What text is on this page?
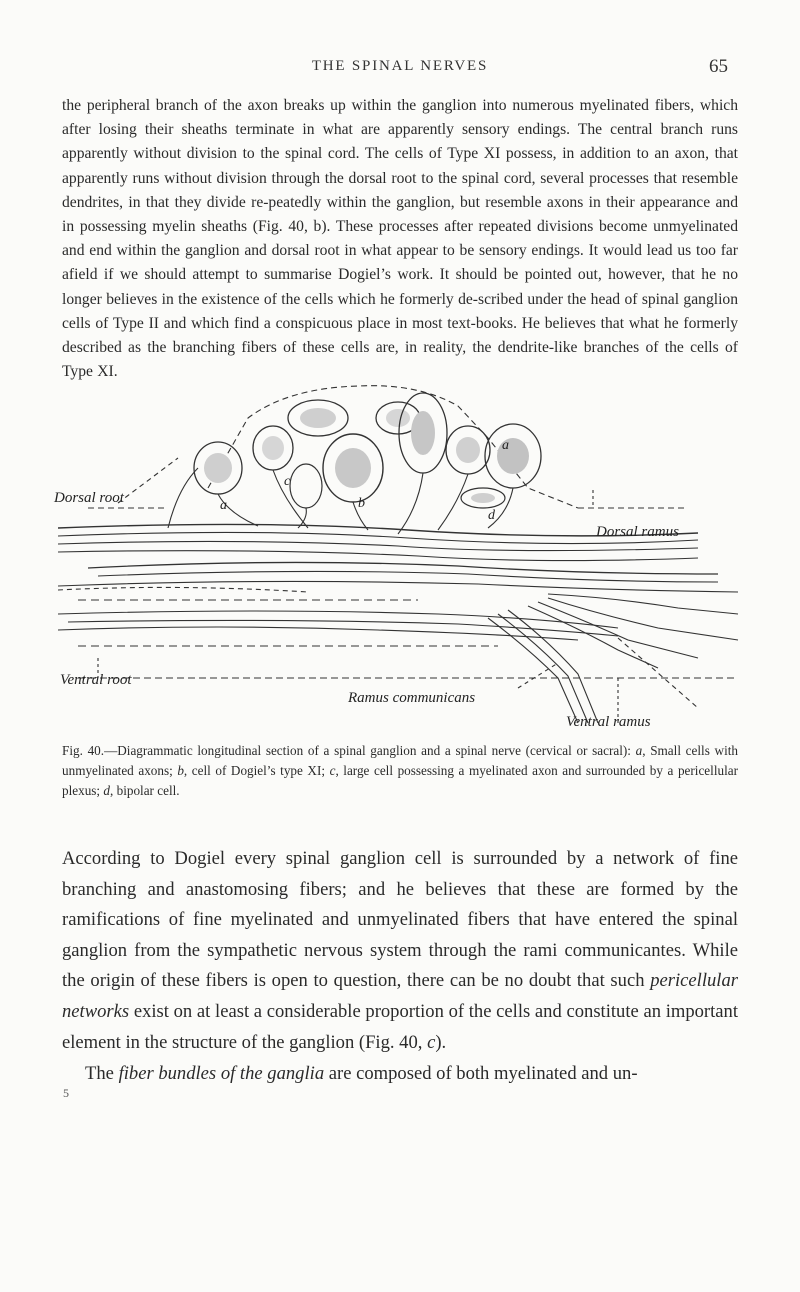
THE SPINAL NERVES	65

the peripheral branch of the axon breaks up within the ganglion into numerous myelinated fibers, which after losing their sheaths terminate in what are apparently sensory endings. The central branch runs apparently without division to the spinal cord. The cells of Type XI possess, in addition to an axon, that apparently runs without division through the dorsal root to the spinal cord, several processes that resemble dendrites, in that they divide re-peatedly within the ganglion, but resemble axons in their appearance and in possessing myelin sheaths (Fig. 40, b). These processes after repeated divisions become unmyelinated and end within the ganglion and dorsal root in what appear to be sensory endings. It would lead us too far afield if we should attempt to summarise Dogiel’s work. It should be pointed out, however, that he no longer believes in the existence of the cells which he formerly de-scribed under the head of spinal ganglion cells of Type II and which find a conspicuous place in most text-books. He believes that what he formerly described as the branching fibers of these cells are, in reality, the dendrite-like branches of the cells of Type XI.

Dorsal root
Dorsal ramus
Ventral root
Ramus communicans
Ventral ramus
a
a
b
c
d

Fig. 40.—Diagrammatic longitudinal section of a spinal ganglion and a spinal nerve (cervical or sacral): a, Small cells with unmyelinated axons; b, cell of Dogiel’s type XI; c, large cell possessing a myelinated axon and surrounded by a pericellular plexus; d, bipolar cell.

According to Dogiel every spinal ganglion cell is surrounded by a network of fine branching and anastomosing fibers; and he believes that these are formed by the ramifications of fine myelinated and unmyelinated fibers that have entered the spinal ganglion from the sympathetic nervous system through the rami communicantes. While the origin of these fibers is open to question, there can be no doubt that such pericellular networks exist on at least a considerable proportion of the cells and constitute an important element in the structure of the ganglion (Fig. 40, c).

The fiber bundles of the ganglia are composed of both myelinated and un-

5
